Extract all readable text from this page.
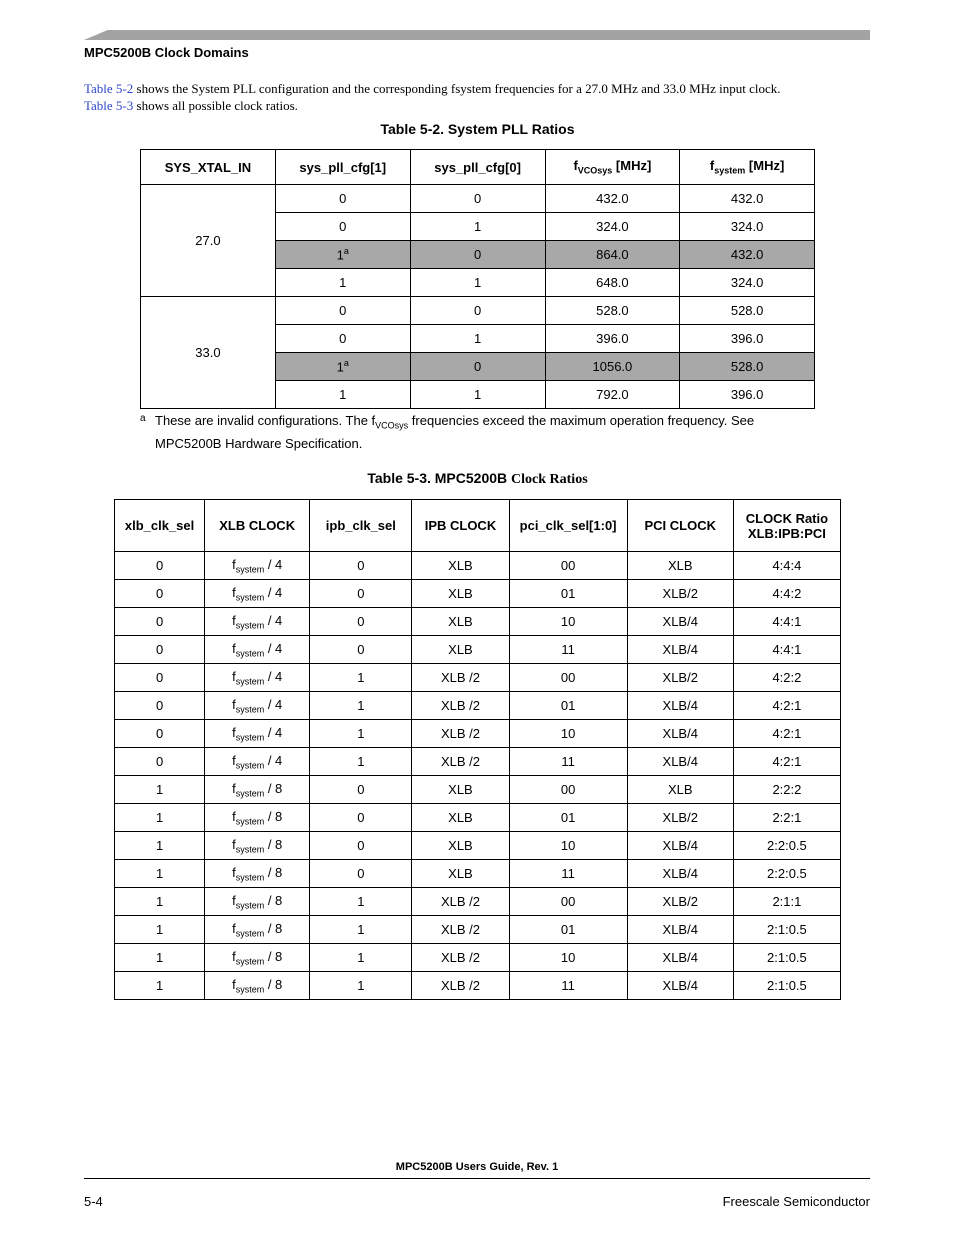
MPC5200B Clock Domains
Table 5-2 shows the System PLL configuration and the corresponding fsystem frequencies for a 27.0 MHz and 33.0 MHz input clock.
Table 5-3 shows all possible clock ratios.
Table 5-2. System PLL Ratios
SYS_XTAL_IN	sys_pll_cfg[1]	sys_pll_cfg[0]	$f_{VCOsys}$ [MHz]	$f_{system}$ [MHz]
27.0	0	0	432.0	432.0
	0	1	324.0	324.0
	1$^a$	0	864.0	432.0
	1	1	648.0	324.0
33.0	0	0	528.0	528.0
	0	1	396.0	396.0
	1$^a$	0	1056.0	528.0
	1	1	792.0	396.0
a These are invalid configurations. The $f_{VCOsys}$ frequencies exceed the maximum operation frequency. See MPC5200B Hardware Specification.
Table 5-3. MPC5200B Clock Ratios
xlb_clk_sel	XLB CLOCK	ipb_clk_sel	IPB CLOCK	pci_clk_sel[1:0]	PCI CLOCK	CLOCK Ratio
XLB:IPB:PCI
0	$f_{system} / 4$	0	XLB	00	XLB	4:4:4
0	$f_{system} / 4$	0	XLB	01	XLB/2	4:4:2
0	$f_{system} / 4$	0	XLB	10	XLB/4	4:4:1
0	$f_{system} / 4$	0	XLB	11	XLB/4	4:4:1
0	$f_{system} / 4$	1	XLB /2	00	XLB/2	4:2:2
0	$f_{system} / 4$	1	XLB /2	01	XLB/4	4:2:1
0	$f_{system} / 4$	1	XLB /2	10	XLB/4	4:2:1
0	$f_{system} / 4$	1	XLB /2	11	XLB/4	4:2:1
1	$f_{system} / 8$	0	XLB	00	XLB	2:2:2
1	$f_{system} / 8$	0	XLB	01	XLB/2	2:2:1
1	$f_{system} / 8$	0	XLB	10	XLB/4	2:2:0.5
1	$f_{system} / 8$	0	XLB	11	XLB/4	2:2:0.5
1	$f_{system} / 8$	1	XLB /2	00	XLB/2	2:1:1
1	$f_{system} / 8$	1	XLB /2	01	XLB/4	2:1:0.5
1	$f_{system} / 8$	1	XLB /2	10	XLB/4	2:1:0.5
1	$f_{system} / 8$	1	XLB /2	11	XLB/4	2:1:0.5
MPC5200B Users Guide, Rev. 1
5-4	Freescale Semiconductor
